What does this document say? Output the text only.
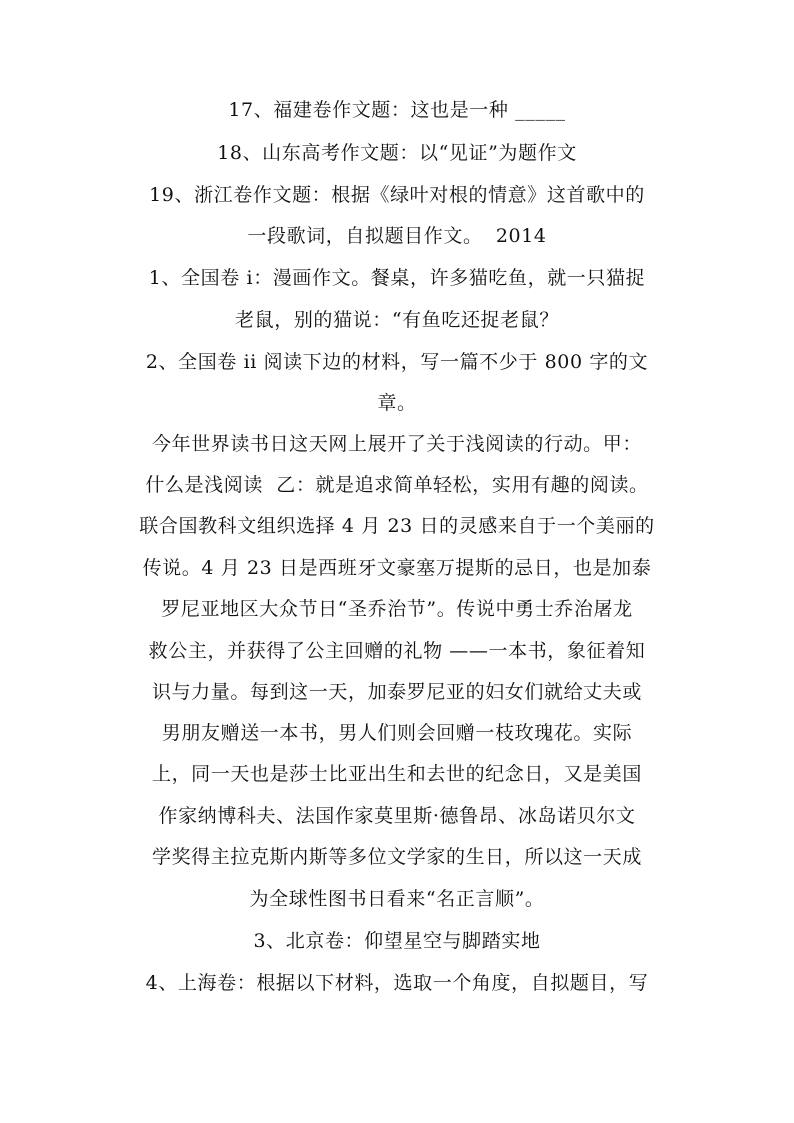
17、福建卷作文题：这也是一种 _____
18、山东高考作文题：以“见证”为题作文
19、浙江卷作文题：根据《绿叶对根的情意》这首歌中的
一段歌词，自拟题目作文。  2014
1、全国卷 i：漫画作文。餐桌，许多猫吃鱼，就一只猫捉
老鼠，别的猫说：“有鱼吃还捉老鼠？
2、全国卷 ii 阅读下边的材料，写一篇不少于 800 字的文
章。
今年世界读书日这天网上展开了关于浅阅读的行动。甲：
什么是浅阅读  乙：就是追求简单轻松，实用有趣的阅读。
联合国教科文组织选择 4 月 23 日的灵感来自于一个美丽的
传说。4 月 23 日是西班牙文豪塞万提斯的忌日，也是加泰
罗尼亚地区大众节日“圣乔治节”。传说中勇士乔治屠龙
救公主，并获得了公主回赠的礼物 ——一本书，象征着知
识与力量。每到这一天，加泰罗尼亚的妇女们就给丈夫或
男朋友赠送一本书，男人们则会回赠一枝玫瑰花。实际
上，同一天也是莎士比亚出生和去世的纪念日，又是美国
作家纳博科夫、法国作家莫里斯·德鲁昂、冰岛诺贝尔文
学奖得主拉克斯内斯等多位文学家的生日，所以这一天成
为全球性图书日看来“名正言顺”。
3、北京卷：仰望星空与脚踏实地
4、上海卷：根据以下材料，选取一个角度，自拟题目，写
